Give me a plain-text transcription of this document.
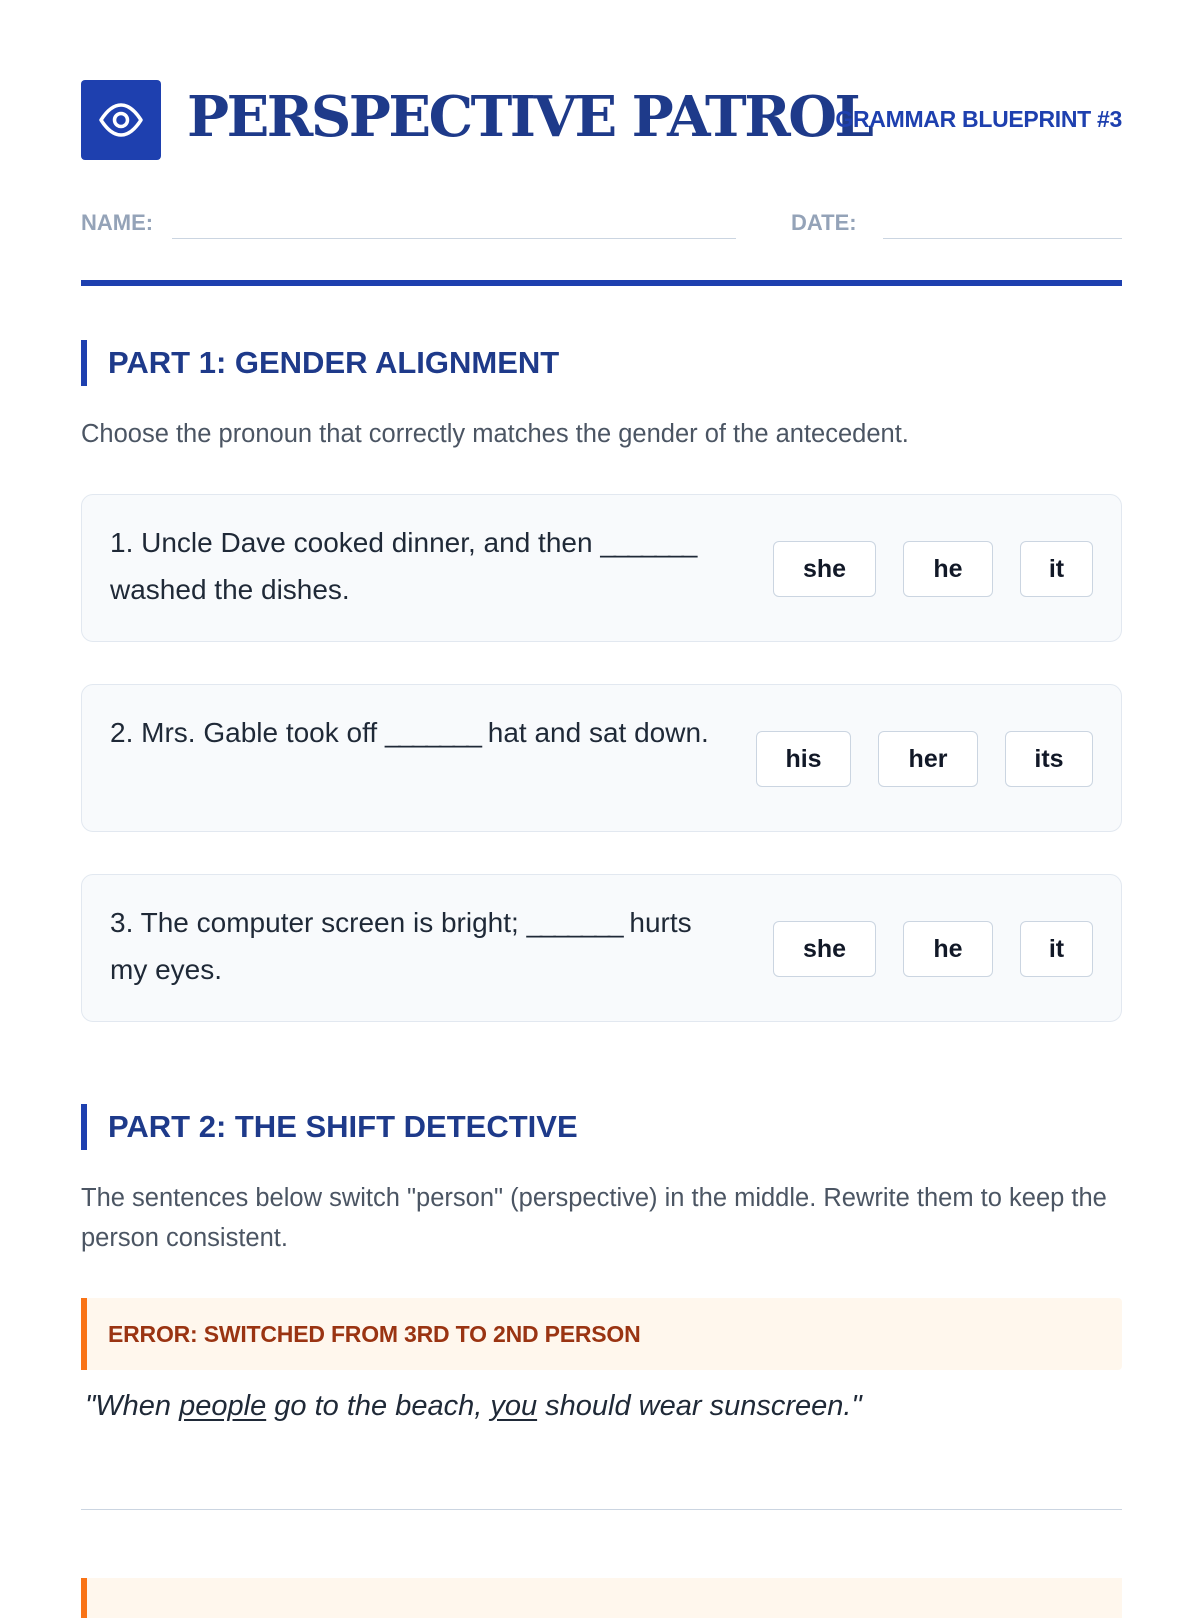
PERSPECTIVE PATROL
GRAMMAR BLUEPRINT #3
NAME:	DATE:
PART 1: GENDER ALIGNMENT
Choose the pronoun that correctly matches the gender of the antecedent.
1. Uncle Dave cooked dinner, and then _______ washed the dishes.
she	he	it
2. Mrs. Gable took off _______ hat and sat down.
his	her	its
3. The computer screen is bright; _______ hurts my eyes.
she	he	it
PART 2: THE SHIFT DETECTIVE
The sentences below switch "person" (perspective) in the middle. Rewrite them to keep the person consistent.
ERROR: SWITCHED FROM 3RD TO 2ND PERSON
"When people go to the beach, you should wear sunscreen."
